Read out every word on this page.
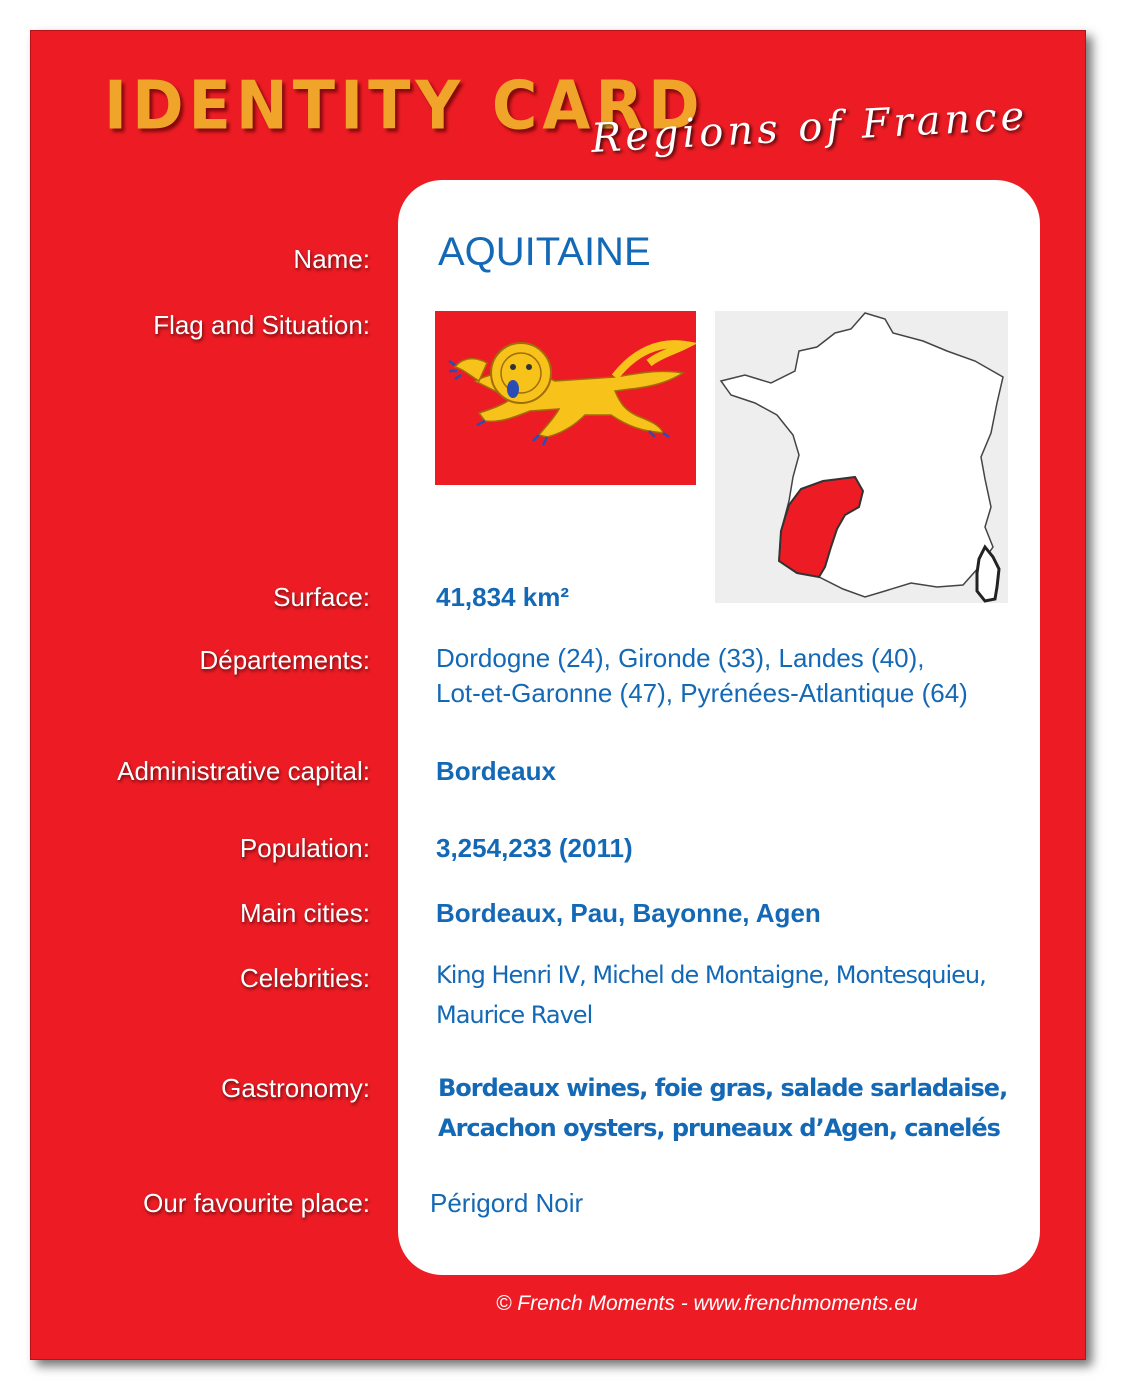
IDENTITY CARD
Regions of France
Name:
Flag and Situation:
Surface:
Départements:
Administrative capital:
Population:
Main cities:
Celebrities:
Gastronomy:
Our favourite place:
AQUITAINE
41,834 km²
Dordogne (24), Gironde (33), Landes (40),
Lot-et-Garonne (47), Pyrénées-Atlantique (64)
Bordeaux
3,254,233 (2011)
Bordeaux, Pau, Bayonne, Agen
King Henri IV, Michel de Montaigne, Montesquieu,
Maurice Ravel
Bordeaux wines, foie gras, salade sarladaise,
Arcachon oysters, pruneaux d’Agen, canelés
Périgord Noir
© French Moments - www.frenchmoments.eu
